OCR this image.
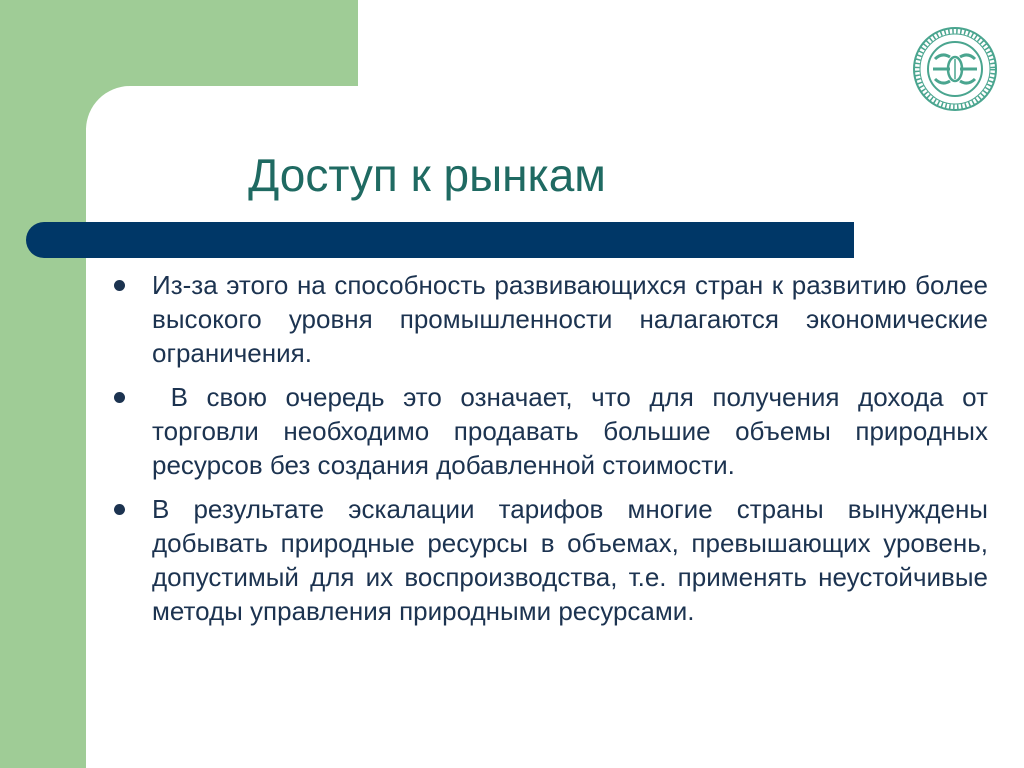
Доступ к рынкам
Из-за этого на способность развивающихся стран к развитию более высокого уровня промышленности налагаются экономические ограничения.
В свою очередь это означает, что для получения дохода от торговли необходимо продавать большие объемы природных ресурсов без создания добавленной стоимости.
В результате эскалации тарифов многие страны вынуждены добывать природные ресурсы в объемах, превышающих уровень, допустимый для их воспроизводства, т.е. применять неустойчивые методы управления природными ресурсами.
